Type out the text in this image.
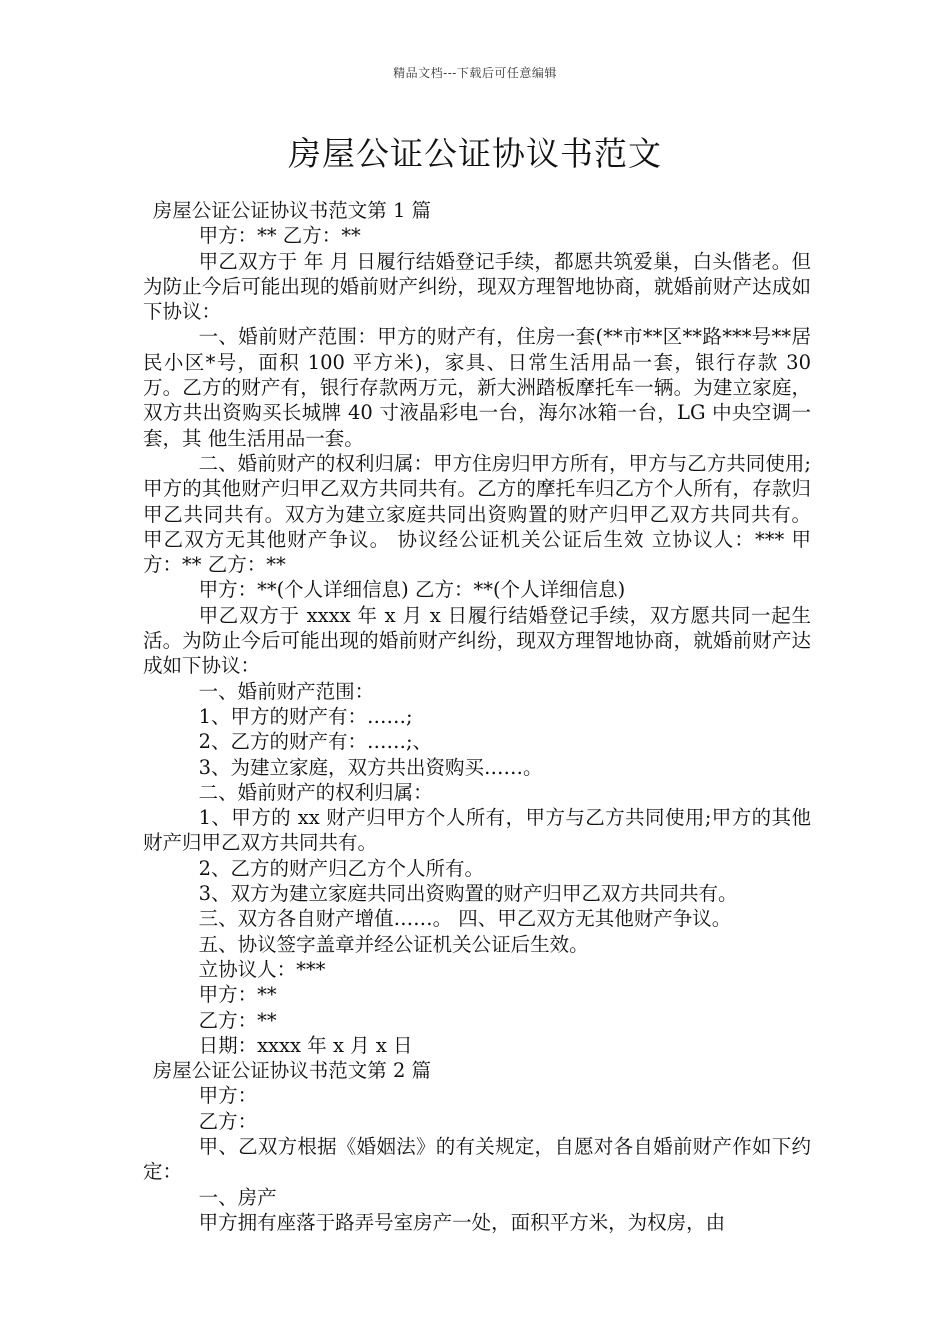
精品文档---下载后可任意编辑
房屋公证公证协议书范文

房屋公证公证协议书范文第 1 篇

甲方：** 乙方：**

甲乙双方于 年 月 日履行结婚登记手续，都愿共筑爱巢，白头偕老。但为防止今后可能出现的婚前财产纠纷，现双方理智地协商，就婚前财产达成如下协议：

一、婚前财产范围：甲方的财产有，住房一套(**市**区**路***号**居民小区*号，面积 100 平方米)，家具、日常生活用品一套，银行存款 30 万。乙方的财产有，银行存款两万元，新大洲踏板摩托车一辆。为建立家庭，双方共出资购买长城牌 40 寸液晶彩电一台，海尔冰箱一台，LG 中央空调一套，其 他生活用品一套。

二、婚前财产的权利归属：甲方住房归甲方所有，甲方与乙方共同使用;甲方的其他财产归甲乙双方共同共有。乙方的摩托车归乙方个人所有，存款归甲乙共同共有。双方为建立家庭共同出资购置的财产归甲乙双方共同共有。 甲乙双方无其他财产争议。 协议经公证机关公证后生效 立协议人：*** 甲方：** 乙方：**

甲方：**(个人详细信息) 乙方：**(个人详细信息)

甲乙双方于 xxxx 年 x 月 x 日履行结婚登记手续，双方愿共同一起生活。为防止今后可能出现的婚前财产纠纷，现双方理智地协商，就婚前财产达成如下协议：

一、婚前财产范围：

1、甲方的财产有：……;

2、乙方的财产有：……;、

3、为建立家庭，双方共出资购买……。

二、婚前财产的权利归属：

1、甲方的 xx 财产归甲方个人所有，甲方与乙方共同使用;甲方的其他财产归甲乙双方共同共有。

2、乙方的财产归乙方个人所有。

3、双方为建立家庭共同出资购置的财产归甲乙双方共同共有。

三、双方各自财产增值……。 四、甲乙双方无其他财产争议。

五、协议签字盖章并经公证机关公证后生效。

立协议人：***

甲方：**

乙方：**

日期：xxxx 年 x 月 x 日

房屋公证公证协议书范文第 2 篇

甲方：

乙方：

甲、乙双方根据《婚姻法》的有关规定，自愿对各自婚前财产作如下约定：

一、房产

甲方拥有座落于路弄号室房产一处，面积平方米，为权房，由
